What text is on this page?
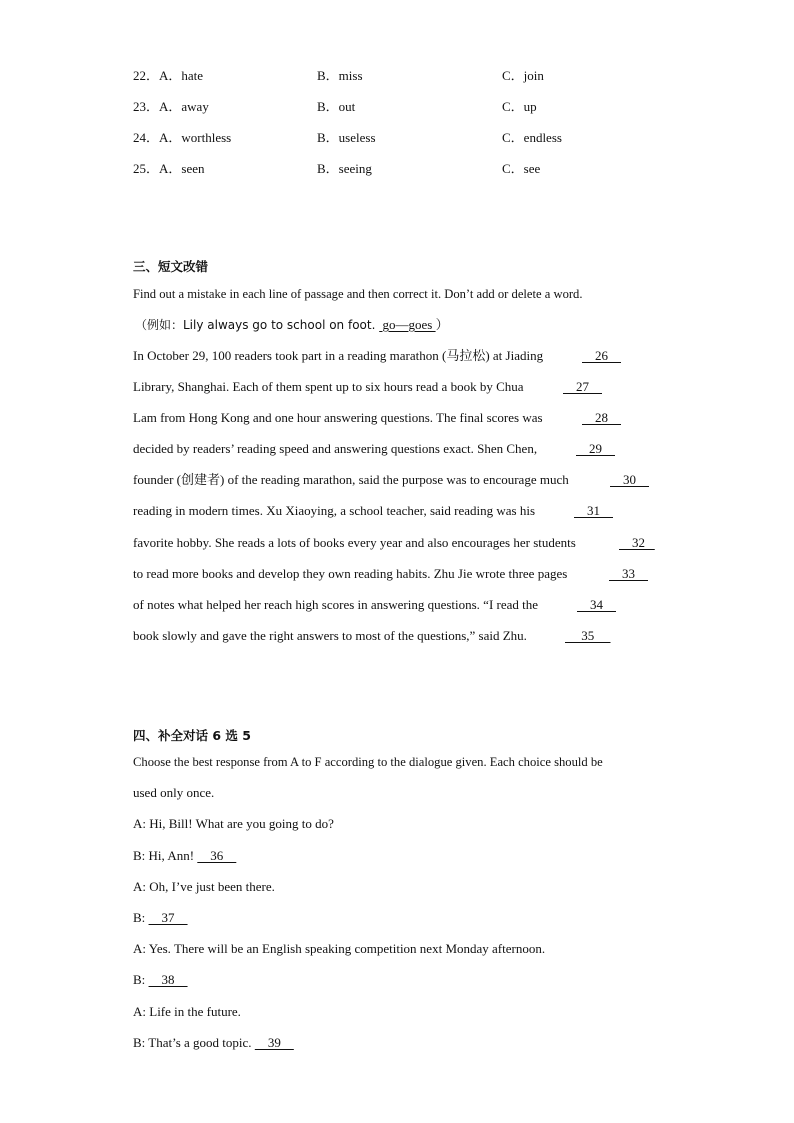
22．A．hate	B．miss	C．join
23．A．away	B．out	C．up
24．A．worthless	B．useless	C．endless
25．A．seen	B．seeing	C．see
三、短文改错
Find out a mistake in each line of passage and then correct it. Don’t add or delete a word.
（例如：Lily always go to school on foot.  go—goes ）
In October 29, 100 readers took part in a reading marathon (马拉松) at Jiading	26
Library, Shanghai. Each of them spent up to six hours read a book by Chua	27
Lam from Hong Kong and one hour answering questions. The final scores was	28
decided by readers’ reading speed and answering questions exact. Shen Chen,	29
founder (创建者) of the reading marathon, said the purpose was to encourage much	30
reading in modern times. Xu Xiaoying, a school teacher, said reading was his	31
favorite hobby. She reads a lots of books every year and also encourages her students	32
to read more books and develop they own reading habits. Zhu Jie wrote three pages	33
of notes what helped her reach high scores in answering questions. “I read the	34
book slowly and gave the right answers to most of the questions,” said Zhu.	35
四、补全对话 6 选 5
Choose the best response from A to F according to the dialogue given. Each choice should be
used only once.
A: Hi, Bill! What are you going to do?
B: Hi, Ann!     36
A: Oh, I’ve just been there.
B:     37
A: Yes. There will be an English speaking competition next Monday afternoon.
B:     38
A: Life in the future.
B: That’s a good topic.     39
